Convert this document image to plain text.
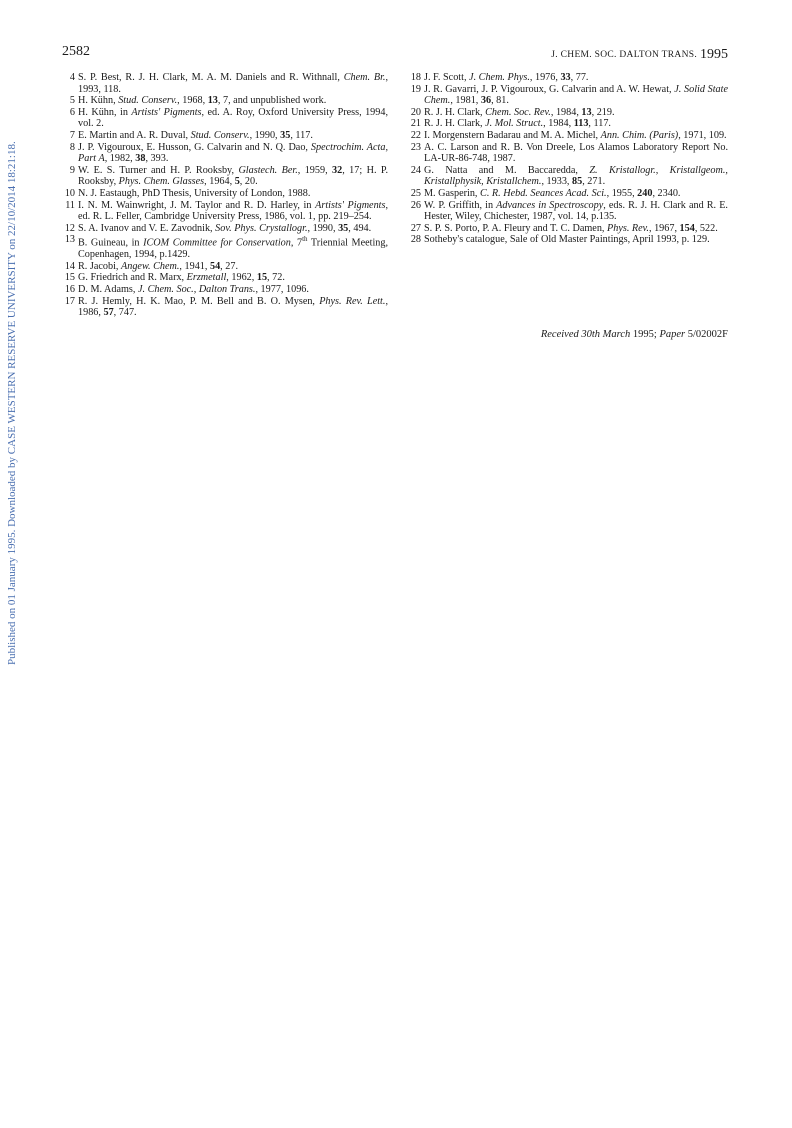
2582	J. CHEM. SOC. DALTON TRANS. 1995
Published on 01 January 1995. Downloaded by CASE WESTERN RESERVE UNIVERSITY on 22/10/2014 18:21:18.

4 S. P. Best, R. J. H. Clark, M. A. M. Daniels and R. Withnall, Chem. Br., 1993, 118.

5 H. Kühn, Stud. Conserv., 1968, 13, 7, and unpublished work.

6 H. Kühn, in Artists' Pigments, ed. A. Roy, Oxford University Press, 1994, vol. 2.

7 E. Martin and A. R. Duval, Stud. Conserv., 1990, 35, 117.

8 J. P. Vigouroux, E. Husson, G. Calvarin and N. Q. Dao, Spectrochim. Acta, Part A, 1982, 38, 393.

9 W. E. S. Turner and H. P. Rooksby, Glastech. Ber., 1959, 32, 17; H. P. Rooksby, Phys. Chem. Glasses, 1964, 5, 20.

10 N. J. Eastaugh, PhD Thesis, University of London, 1988.

11 I. N. M. Wainwright, J. M. Taylor and R. D. Harley, in Artists' Pigments, ed. R. L. Feller, Cambridge University Press, 1986, vol. 1, pp. 219–254.

12 S. A. Ivanov and V. E. Zavodnik, Sov. Phys. Crystallogr., 1990, 35, 494.

13 B. Guineau, in ICOM Committee for Conservation, 7th Triennial Meeting, Copenhagen, 1994, p.1429.

14 R. Jacobi, Angew. Chem., 1941, 54, 27.

15 G. Friedrich and R. Marx, Erzmetall, 1962, 15, 72.

16 D. M. Adams, J. Chem. Soc., Dalton Trans., 1977, 1096.

17 R. J. Hemly, H. K. Mao, P. M. Bell and B. O. Mysen, Phys. Rev. Lett., 1986, 57, 747.

18 J. F. Scott, J. Chem. Phys., 1976, 33, 77.

19 J. R. Gavarri, J. P. Vigouroux, G. Calvarin and A. W. Hewat, J. Solid State Chem., 1981, 36, 81.

20 R. J. H. Clark, Chem. Soc. Rev., 1984, 13, 219.

21 R. J. H. Clark, J. Mol. Struct., 1984, 113, 117.

22 I. Morgenstern Badarau and M. A. Michel, Ann. Chim. (Paris), 1971, 109.

23 A. C. Larson and R. B. Von Dreele, Los Alamos Laboratory Report No. LA-UR-86-748, 1987.

24 G. Natta and M. Baccaredda, Z. Kristallogr., Kristallgeom., Kristallphysik, Kristallchem., 1933, 85, 271.

25 M. Gasperin, C. R. Hebd. Seances Acad. Sci., 1955, 240, 2340.

26 W. P. Griffith, in Advances in Spectroscopy, eds. R. J. H. Clark and R. E. Hester, Wiley, Chichester, 1987, vol. 14, p.135.

27 S. P. S. Porto, P. A. Fleury and T. C. Damen, Phys. Rev., 1967, 154, 522.

28 Sotheby's catalogue, Sale of Old Master Paintings, April 1993, p. 129.

Received 30th March 1995; Paper 5/02002F
